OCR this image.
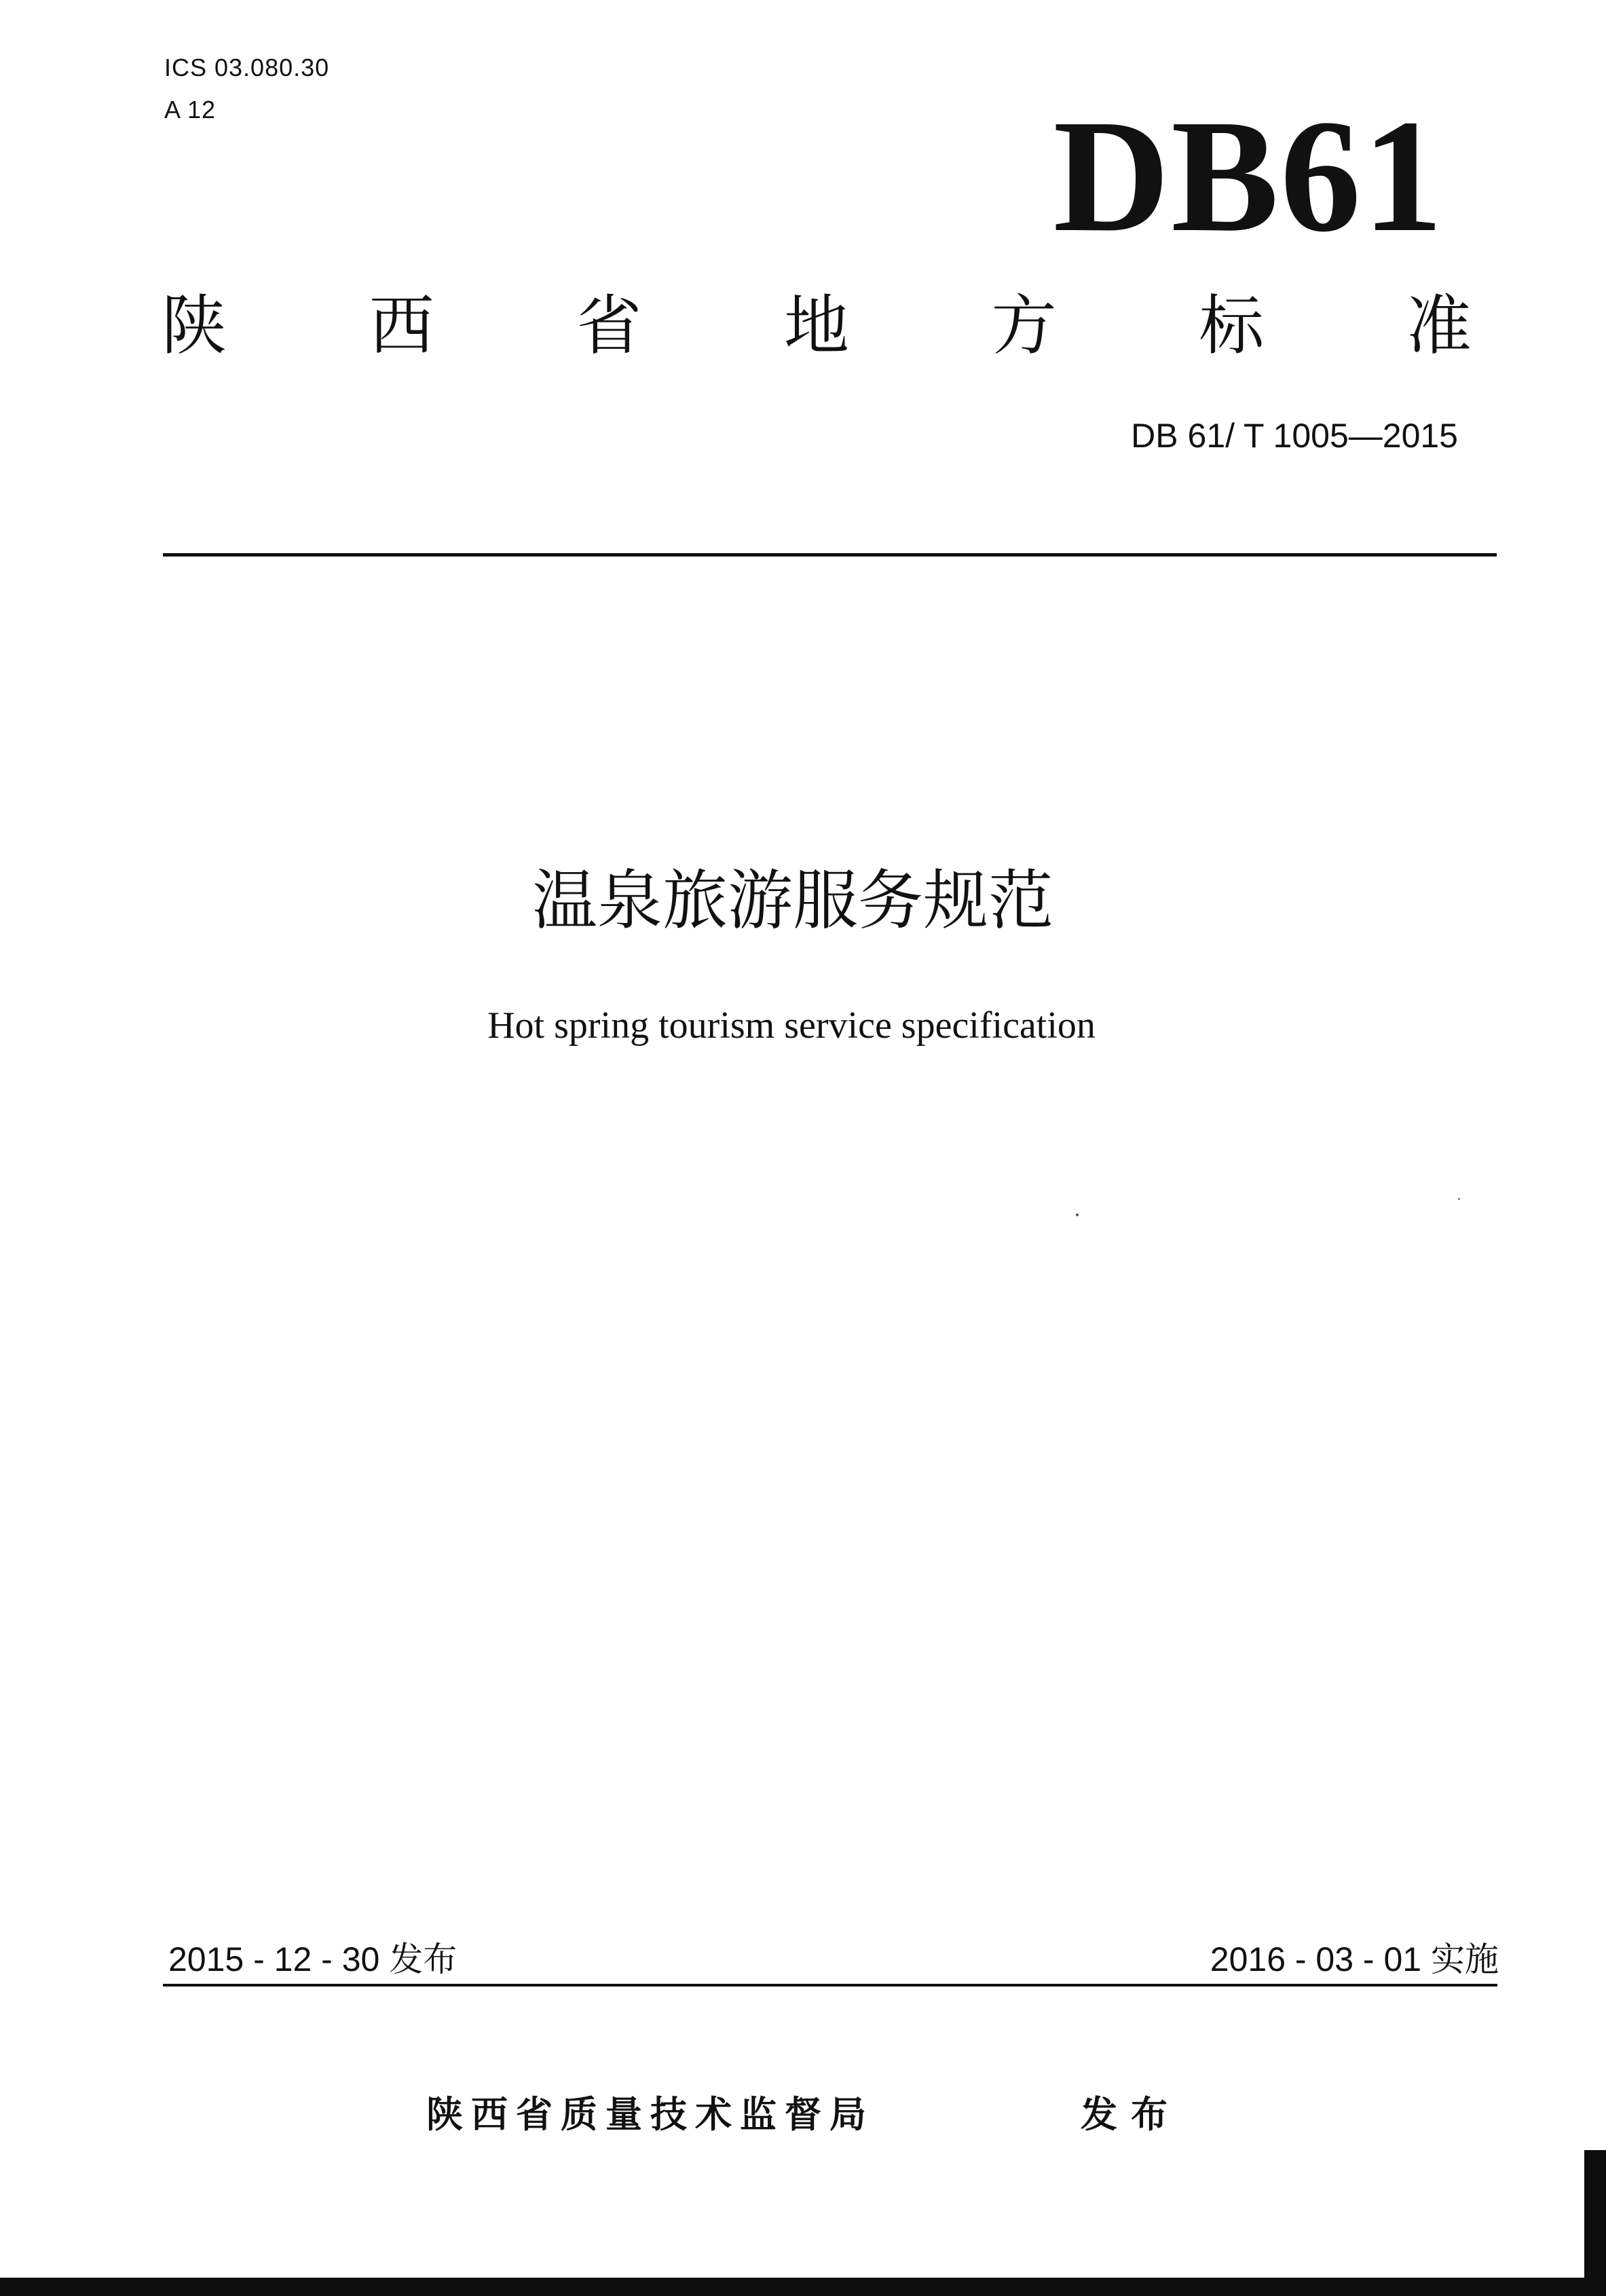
ICS 03.080.30
A 12	DB61
陕 西 省 地 方 标 准
DB 61/ T 1005—2015
温泉旅游服务规范
Hot spring tourism service specification
2015 - 12 - 30 发布	2016 - 03 - 01 实施
陕西省质量技术监督局	发布
